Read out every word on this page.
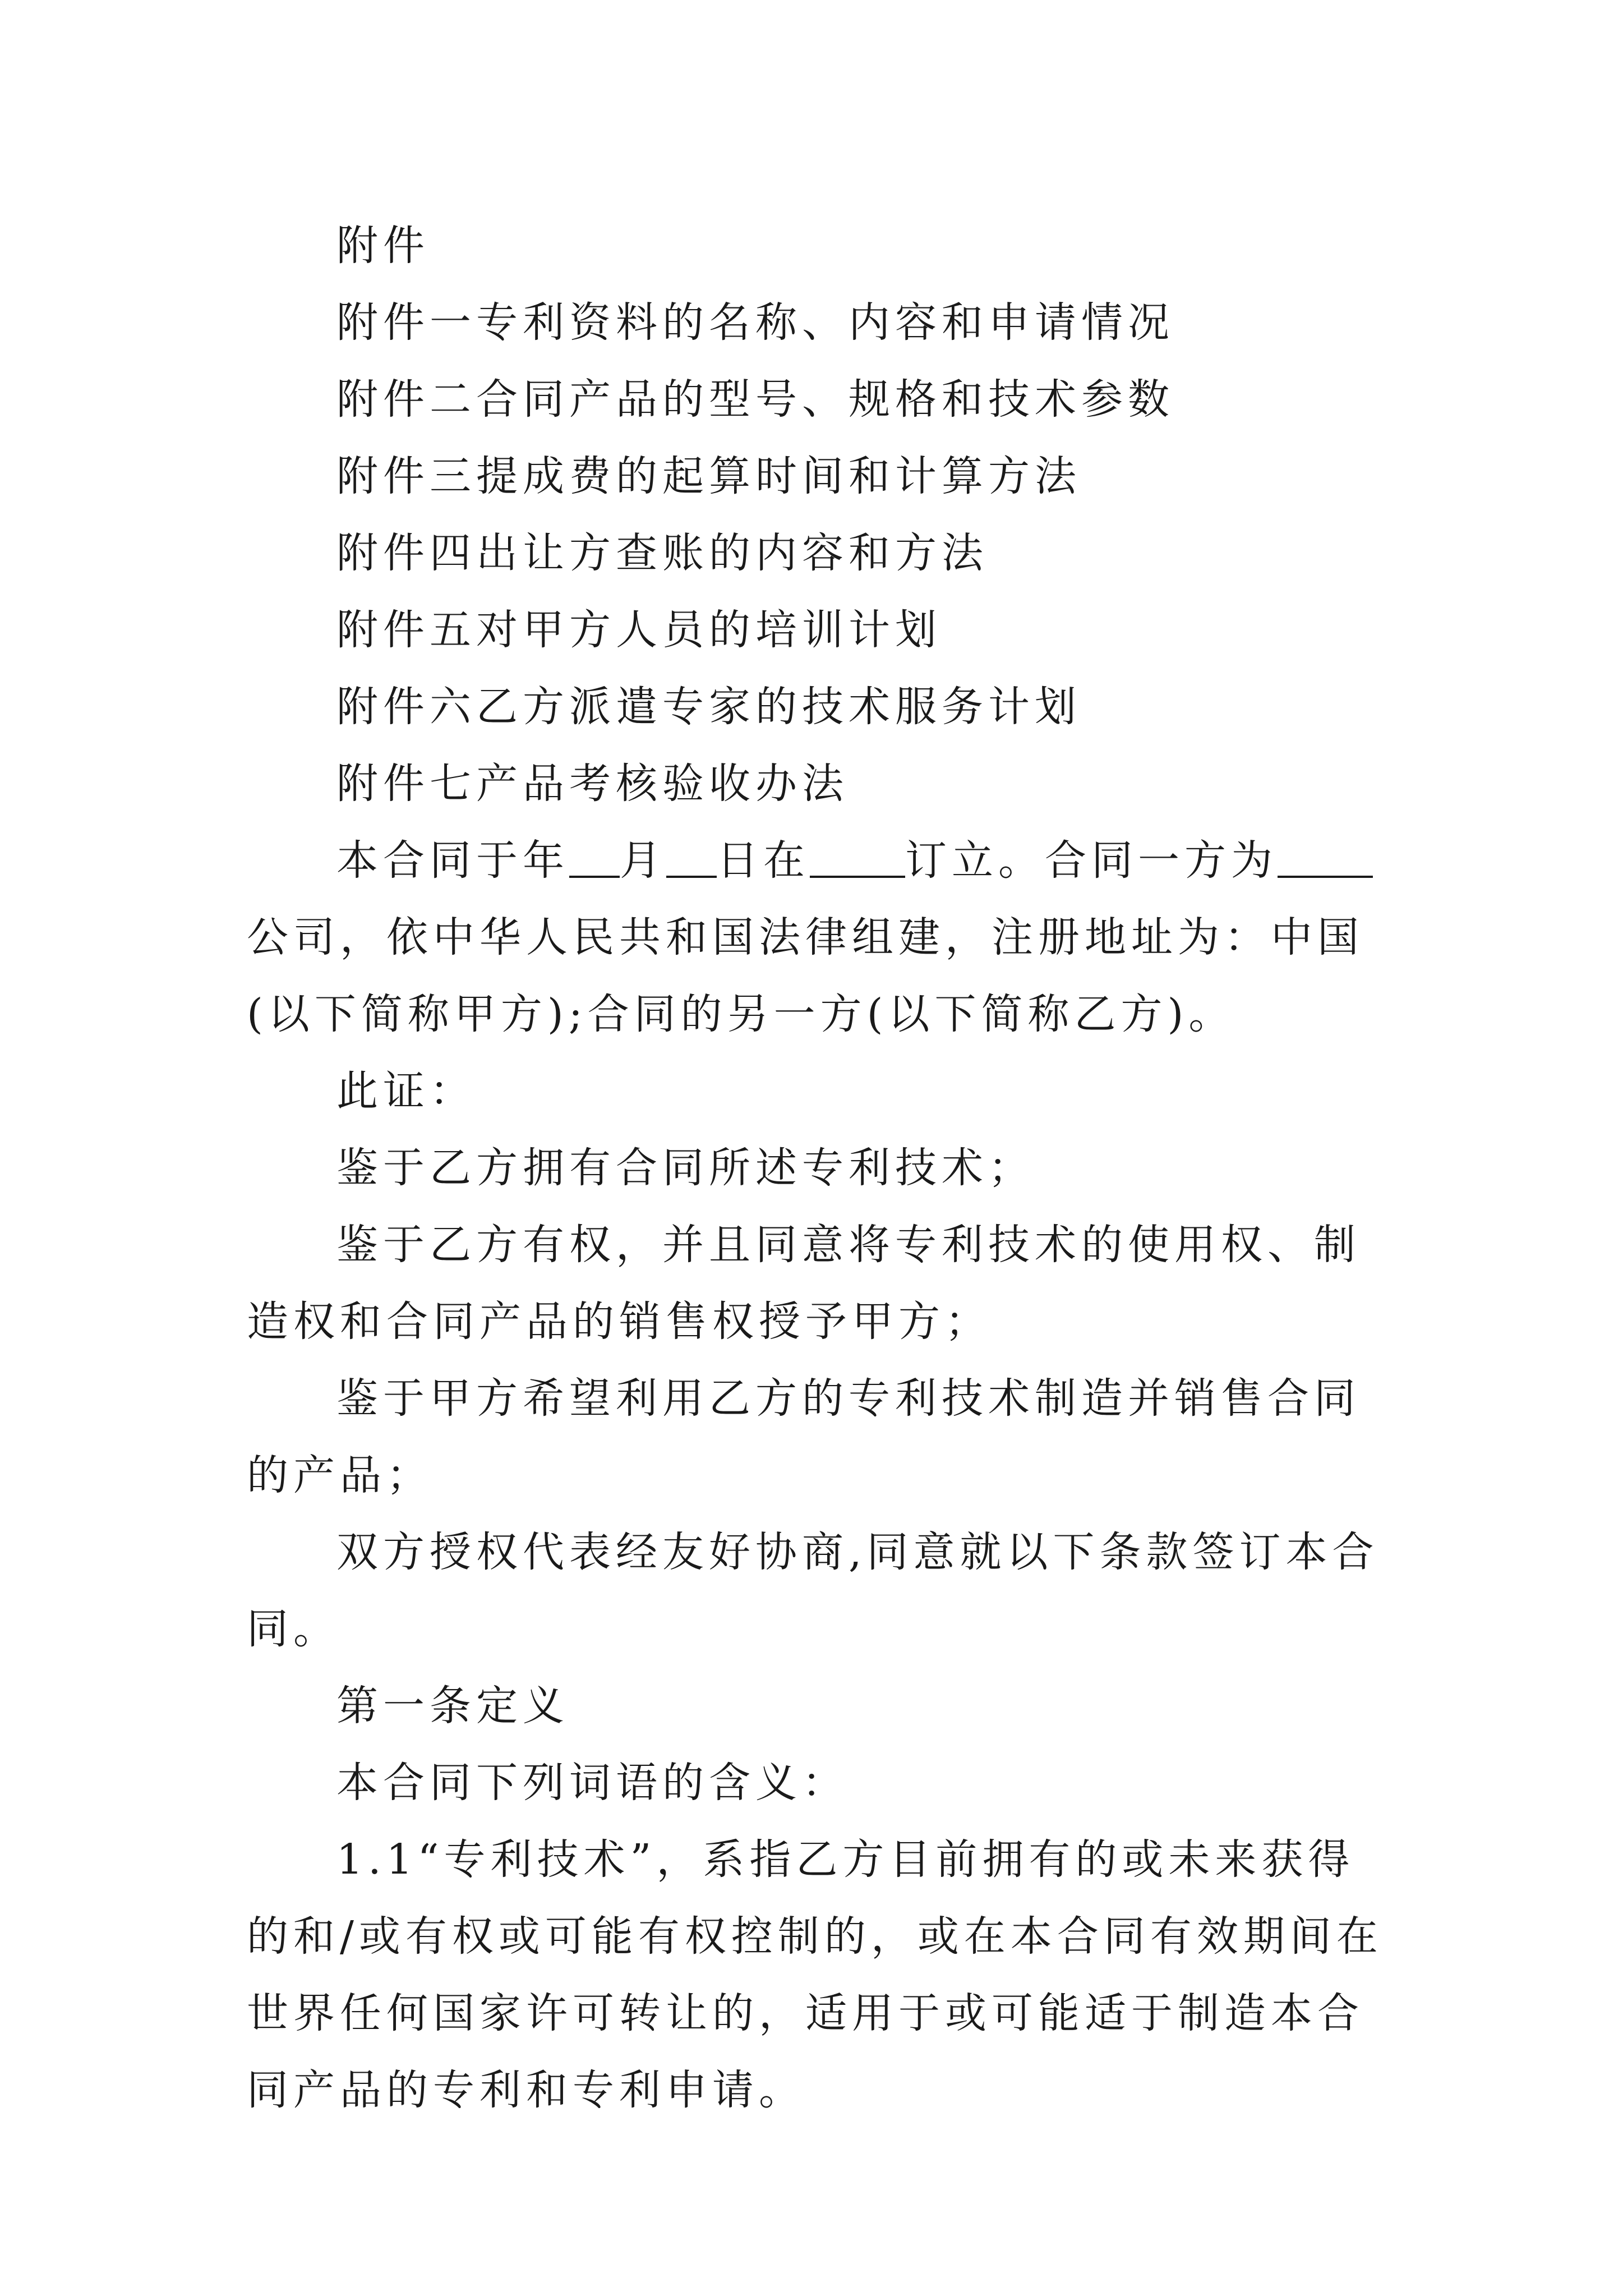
附件

附件一专利资料的名称、内容和申请情况

附件二合同产品的型号、规格和技术参数

附件三提成费的起算时间和计算方法

附件四出让方查账的内容和方法

附件五对甲方人员的培训计划

附件六乙方派遣专家的技术服务计划

附件七产品考核验收办法

本合同于年 月 日在 订立。合同一方为公司，依中华人民共和国法律组建，注册地址为：中国(以下简称甲方);合同的另一方(以下简称乙方)。

此证：

鉴于乙方拥有合同所述专利技术；

鉴于乙方有权，并且同意将专利技术的使用权、制造权和合同产品的销售权授予甲方；

鉴于甲方希望利用乙方的专利技术制造并销售合同的产品；

双方授权代表经友好协商,同意就以下条款签订本合同。

第一条定义

本合同下列词语的含义：

1.1“专利技术”，系指乙方目前拥有的或未来获得的和/或有权或可能有权控制的，或在本合同有效期间在世界任何国家许可转让的，适用于或可能适于制造本合同产品的专利和专利申请。
